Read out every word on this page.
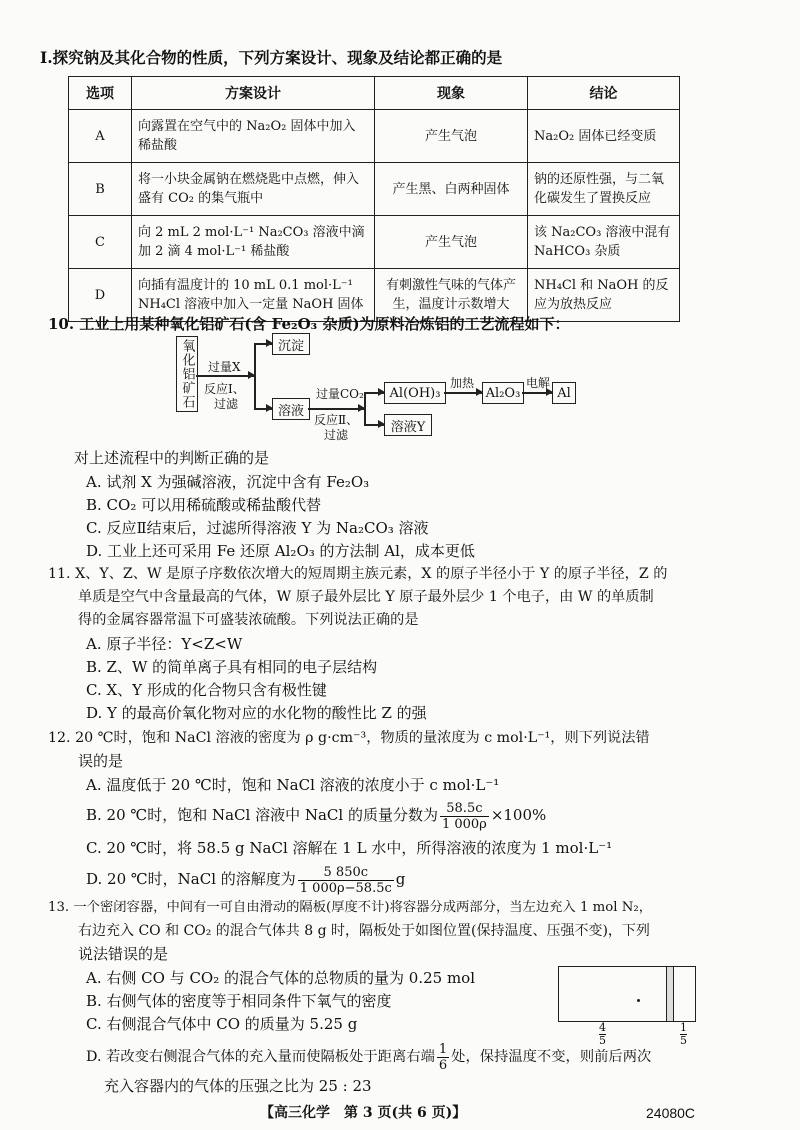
I.探究钠及其化合物的性质，下列方案设计、现象及结论都正确的是
选项	方案设计	现象	结论
A	向露置在空气中的 Na₂O₂ 固体中加入稀盐酸	产生气泡	Na₂O₂ 固体已经变质
B	将一小块金属钠在燃烧匙中点燃，伸入盛有 CO₂ 的集气瓶中	产生黑、白两种固体	钠的还原性强，与二氧化碳发生了置换反应
C	向 2 mL 2 mol·L⁻¹ Na₂CO₃ 溶液中滴加 2 滴 4 mol·L⁻¹ 稀盐酸	产生气泡	该 Na₂CO₃ 溶液中混有 NaHCO₃ 杂质
D	向插有温度计的 10 mL 0.1 mol·L⁻¹ NH₄Cl 溶液中加入一定量 NaOH 固体	有刺激性气味的气体产生，温度计示数增大	NH₄Cl 和 NaOH 的反应为放热反应
10. 工业上用某种氧化铝矿石(含 Fe₂O₃ 杂质)为原料冶炼铝的工艺流程如下：
氧化铝矿石 过量X
反应Ⅰ、
过滤
沉淀
溶液
过量CO₂
反应Ⅱ、
过滤
Al(OH)₃
溶液Y
加热
Al₂O₃
电解
Al
对上述流程中的判断正确的是
A. 试剂 X 为强碱溶液，沉淀中含有 Fe₂O₃
B. CO₂ 可以用稀硫酸或稀盐酸代替
C. 反应Ⅱ结束后，过滤所得溶液 Y 为 Na₂CO₃ 溶液
D. 工业上还可采用 Fe 还原 Al₂O₃ 的方法制 Al，成本更低
11. X、Y、Z、W 是原子序数依次增大的短周期主族元素，X 的原子半径小于 Y 的原子半径，Z 的
单质是空气中含量最高的气体，W 原子最外层比 Y 原子最外层少 1 个电子，由 W 的单质制
得的金属容器常温下可盛装浓硫酸。下列说法正确的是
A. 原子半径：Y<Z<W
B. Z、W 的简单离子具有相同的电子层结构
C. X、Y 形成的化合物只含有极性键
D. Y 的最高价氧化物对应的水化物的酸性比 Z 的强
12. 20 ℃时，饱和 NaCl 溶液的密度为 ρ g·cm⁻³，物质的量浓度为 c mol·L⁻¹，则下列说法错
误的是
A. 温度低于 20 ℃时，饱和 NaCl 溶液的浓度小于 c mol·L⁻¹
B. 20 ℃时，饱和 NaCl 溶液中 NaCl 的质量分数为 $\frac{58.5c}{1 000\rho} \times 100\%$
C. 20 ℃时，将 58.5 g NaCl 溶解在 1 L 水中，所得溶液的浓度为 1 mol·L⁻¹
D. 20 ℃时，NaCl 的溶解度为 $\frac{5 850c}{1 000\rho-58.5c}$ g
13. 一个密闭容器，中间有一可自由滑动的隔板(厚度不计)将容器分成两部分，当左边充入 1 mol N₂，
右边充入 CO 和 CO₂ 的混合气体共 8 g 时，隔板处于如图位置(保持温度、压强不变)，下列
说法错误的是
$\frac{4}{5}$	$\frac{1}{5}$
A. 右侧 CO 与 CO₂ 的混合气体的总物质的量为 0.25 mol
B. 右侧气体的密度等于相同条件下氧气的密度
C. 右侧混合气体中 CO 的质量为 5.25 g
D. 若改变右侧混合气体的充入量而使隔板处于距离右端 $\frac{1}{6}$ 处，保持温度不变，则前后两次
充入容器内的气体的压强之比为 25 : 23
【高三化学　第 3 页(共 6 页)】	24080C
